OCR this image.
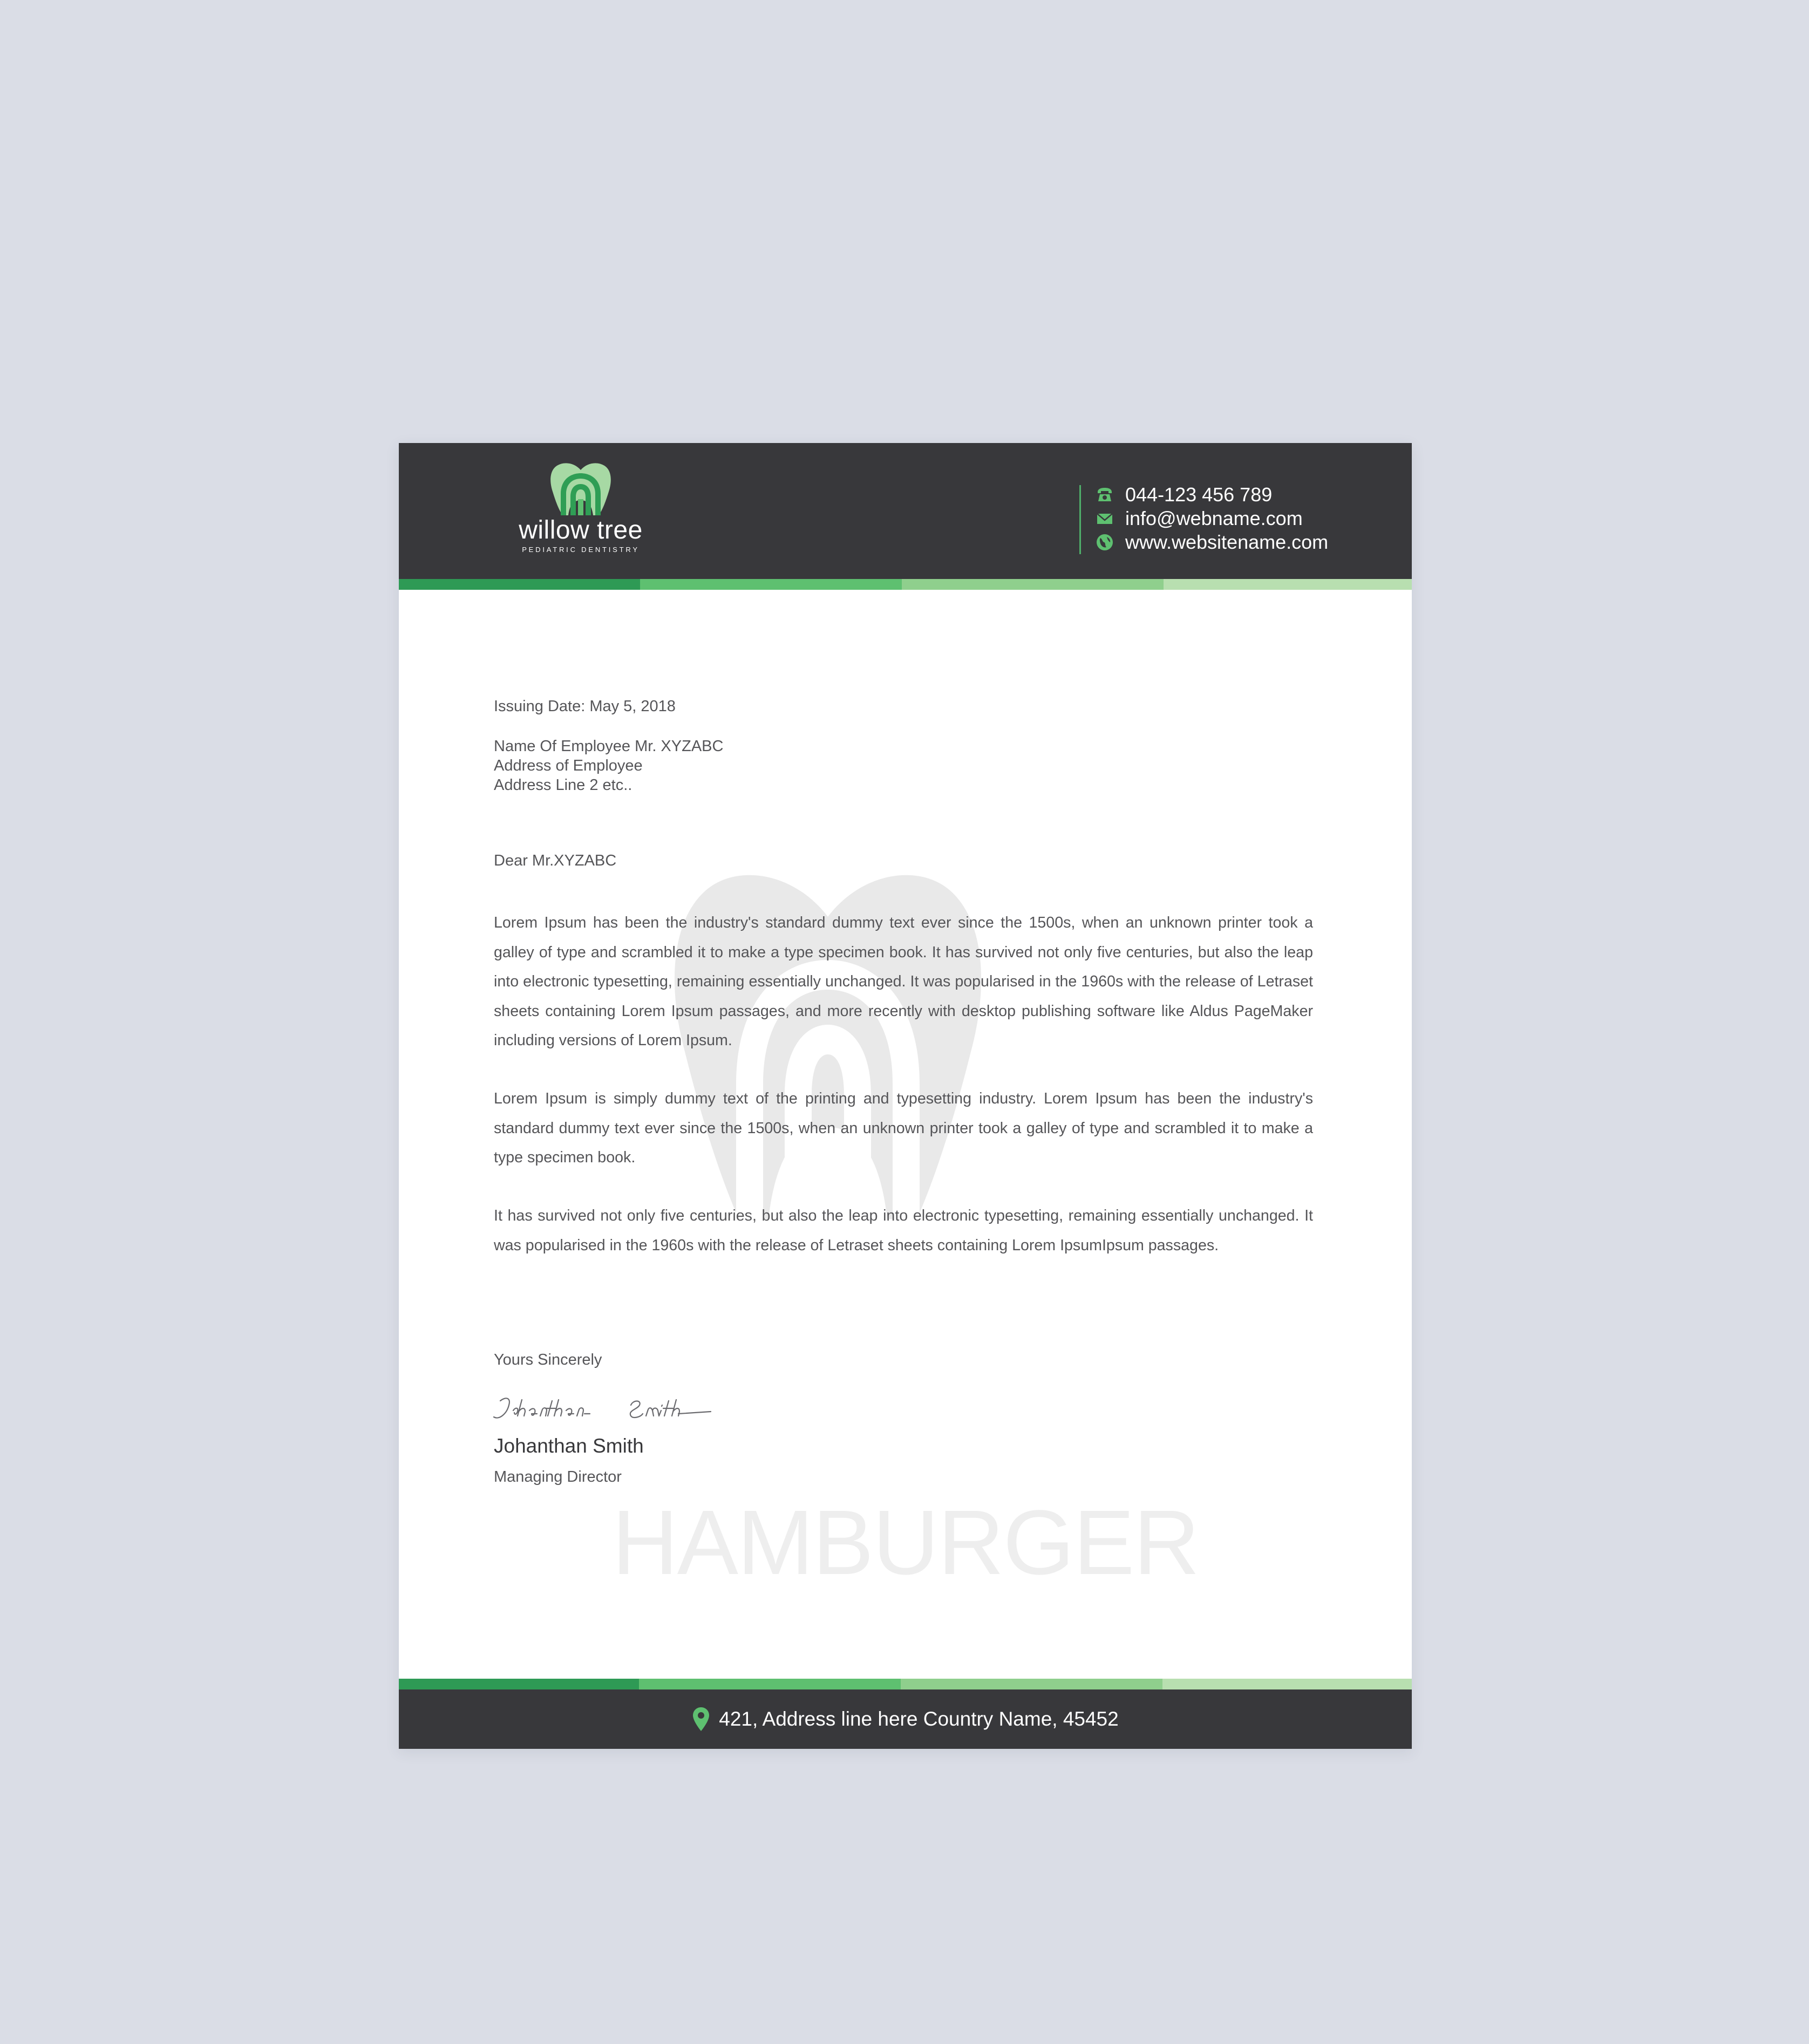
willow tree
PEDIATRIC DENTISTRY
044-123 456 789
info@webname.com
www.websitename.com
HAMBURGER
Issuing Date: May 5, 2018
Name Of Employee Mr. XYZABC
Address of Employee
Address Line 2 etc..
Dear Mr.XYZABC
Lorem Ipsum has been the industry's standard dummy text ever since the 1500s, when an unknown printer took a galley of type and scrambled it to make a type specimen book. It has survived not only five centuries, but also the leap into electronic typesetting, remaining essentially unchanged. It was popularised in the 1960s with the release of Letraset sheets containing Lorem Ipsum passages, and more recently with desktop publishing software like Aldus PageMaker including versions of Lorem Ipsum.
Lorem Ipsum is simply dummy text of the printing and typesetting industry. Lorem Ipsum has been the industry's standard dummy text ever since the 1500s, when an unknown printer took a galley of type and scrambled it to make a type specimen book.
It has survived not only five centuries, but also the leap into electronic typesetting, remaining essentially unchanged. It was popularised in the 1960s with the release of Letraset sheets containing Lorem IpsumIpsum passages.
Yours Sincerely
Johanthan Smith
Managing Director
421, Address line here Country Name, 45452
